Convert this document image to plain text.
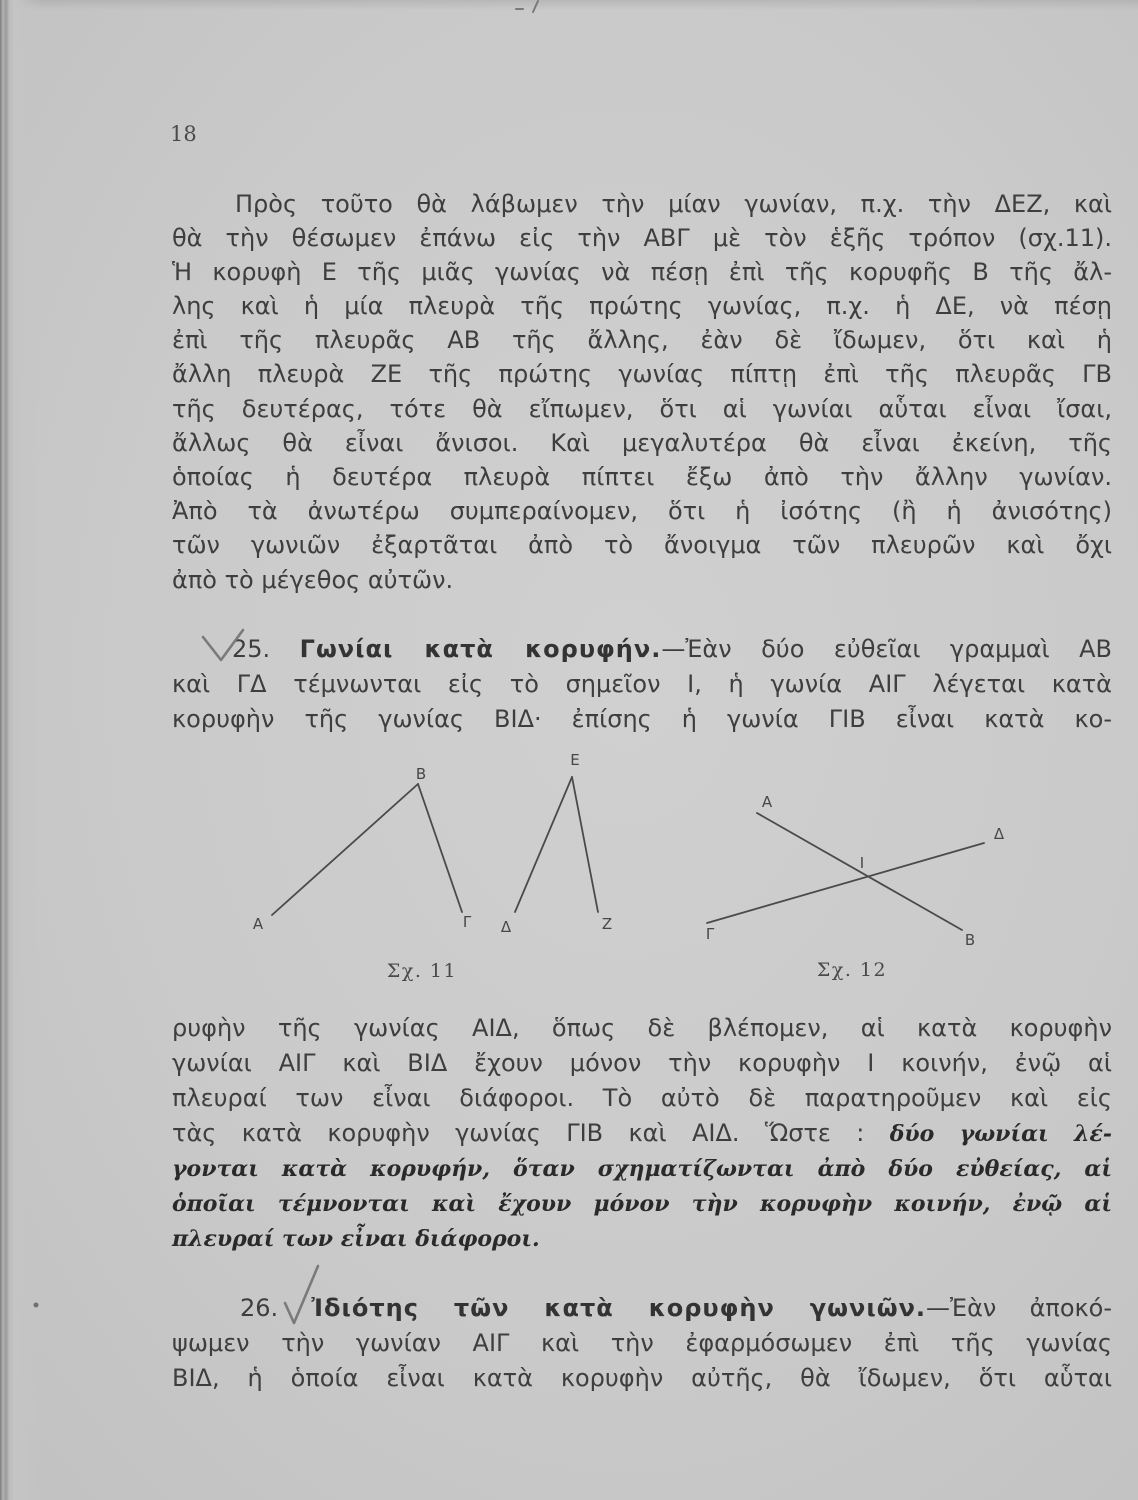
18
Πρὸς τοῦτο θὰ λάβωμεν τὴν μίαν γωνίαν, π.χ. τὴν ΔΕΖ, καὶ
θὰ τὴν θέσωμεν ἐπάνω εἰς τὴν ΑΒΓ μὲ τὸν ἑξῆς τρόπον (σχ.11).
Ἡ κορυφὴ Ε τῆς μιᾶς γωνίας νὰ πέσῃ ἐπὶ τῆς κορυφῆς Β τῆς ἄλ-
λης καὶ ἡ μία πλευρὰ τῆς πρώτης γωνίας, π.χ. ἡ ΔΕ, νὰ πέσῃ
ἐπὶ τῆς πλευρᾶς ΑΒ τῆς ἄλλης, ἐὰν δὲ ἴδωμεν, ὅτι καὶ ἡ
ἄλλη πλευρὰ ΖΕ τῆς πρώτης γωνίας πίπτῃ ἐπὶ τῆς πλευρᾶς ΓΒ
τῆς δευτέρας, τότε θὰ εἴπωμεν, ὅτι αἱ γωνίαι αὗται εἶναι ἴσαι,
ἄλλως θὰ εἶναι ἄνισοι. Καὶ μεγαλυτέρα θὰ εἶναι ἐκείνη, τῆς
ὁποίας ἡ δευτέρα πλευρὰ πίπτει ἔξω ἀπὸ τὴν ἄλλην γωνίαν.
Ἀπὸ τὰ ἀνωτέρω συμπεραίνομεν, ὅτι ἡ ἰσότης (ἢ ἡ ἀνισότης)
τῶν γωνιῶν ἐξαρτᾶται ἀπὸ τὸ ἄνοιγμα τῶν πλευρῶν καὶ ὄχι
ἀπὸ τὸ μέγεθος αὐτῶν.
25. Γωνίαι κατὰ κορυφήν.—Ἐὰν δύο εὐθεῖαι γραμμαὶ ΑΒ
καὶ ΓΔ τέμνωνται εἰς τὸ σημεῖον Ι, ἡ γωνία ΑΙΓ λέγεται κατὰ
κορυφὴν τῆς γωνίας ΒΙΔ· ἐπίσης ἡ γωνία ΓΙΒ εἶναι κατὰ κο-
Β
Α	Γ
Ε
Δ	Ζ
Σχ. 11
Α
Δ
Ι
Γ	Β
Σχ. 12
ρυφὴν τῆς γωνίας ΑΙΔ, ὅπως δὲ βλέπομεν, αἱ κατὰ κορυφὴν
γωνίαι ΑΙΓ καὶ ΒΙΔ ἔχουν μόνον τὴν κορυφὴν Ι κοινήν, ἐνῷ αἱ
πλευραί των εἶναι διάφοροι. Τὸ αὐτὸ δὲ παρατηροῦμεν καὶ εἰς
τὰς κατὰ κορυφὴν γωνίας ΓΙΒ καὶ ΑΙΔ. Ὥστε : δύο γωνίαι λέ-
γονται κατὰ κορυφήν, ὅταν σχηματίζωνται ἀπὸ δύο εὐθείας, αἱ
ὁποῖαι τέμνονται καὶ ἔχουν μόνον τὴν κορυφὴν κοινήν, ἐνῷ αἱ
πλευραί των εἶναι διάφοροι.
26. Ἰδιότης τῶν κατὰ κορυφὴν γωνιῶν.—Ἐὰν ἀποκό-
ψωμεν τὴν γωνίαν ΑΙΓ καὶ τὴν ἐφαρμόσωμεν ἐπὶ τῆς γωνίας
ΒΙΔ, ἡ ὁποία εἶναι κατὰ κορυφὴν αὐτῆς, θὰ ἴδωμεν, ὅτι αὗται
